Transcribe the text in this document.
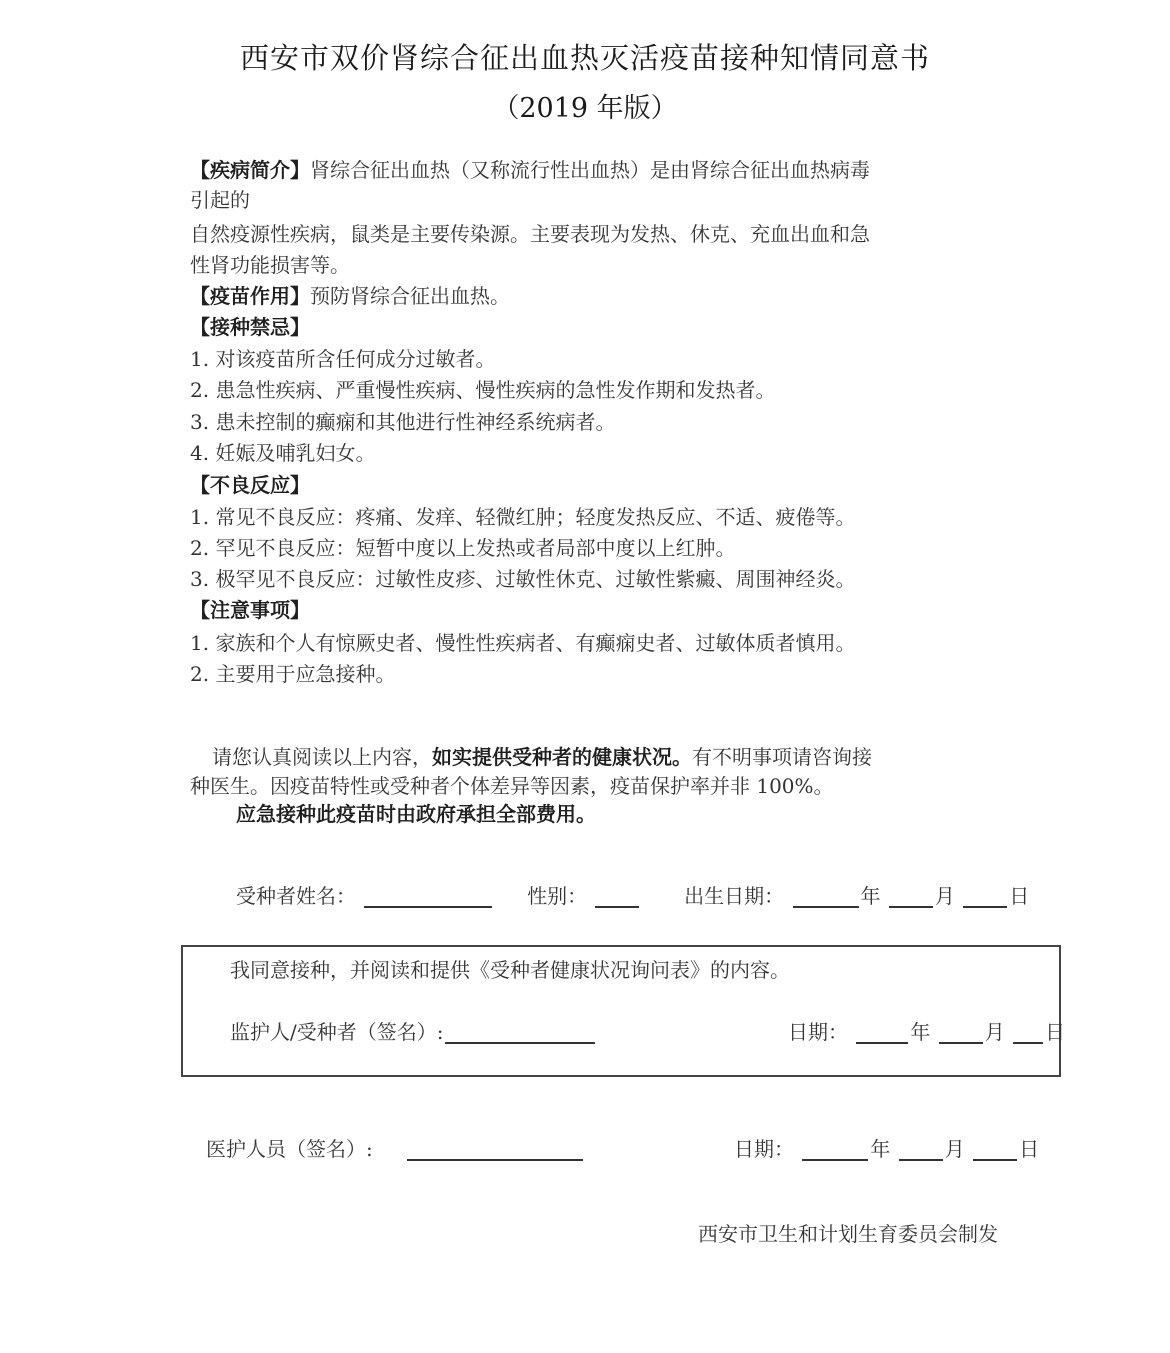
西安市双价肾综合征出血热灭活疫苗接种知情同意书
（2019 年版）
【疾病简介】肾综合征出血热（又称流行性出血热）是由肾综合征出血热病毒
引起的
自然疫源性疾病，鼠类是主要传染源。主要表现为发热、休克、充血出血和急
性肾功能损害等。
【疫苗作用】预防肾综合征出血热。
【接种禁忌】
1. 对该疫苗所含任何成分过敏者。
2. 患急性疾病、严重慢性疾病、慢性疾病的急性发作期和发热者。
3. 患未控制的癫痫和其他进行性神经系统病者。
4. 妊娠及哺乳妇女。
【不良反应】
1. 常见不良反应：疼痛、发痒、轻微红肿；轻度发热反应、不适、疲倦等。
2. 罕见不良反应：短暂中度以上发热或者局部中度以上红肿。
3. 极罕见不良反应：过敏性皮疹、过敏性休克、过敏性紫癜、周围神经炎。
【注意事项】
1. 家族和个人有惊厥史者、慢性性疾病者、有癫痫史者、过敏体质者慎用。
2. 主要用于应急接种。
请您认真阅读以上内容，如实提供受种者的健康状况。有不明事项请咨询接
种医生。因疫苗特性或受种者个体差异等因素，疫苗保护率并非 100%。
应急接种此疫苗时由政府承担全部费用。
受种者姓名：	性别：	出生日期：	年	月	日
我同意接种，并阅读和提供《受种者健康状况询问表》的内容。
监护人/受种者（签名）:	日期：	年	月 日
医护人员（签名）:	日期：	年	月	日
西安市卫生和计划生育委员会制发
